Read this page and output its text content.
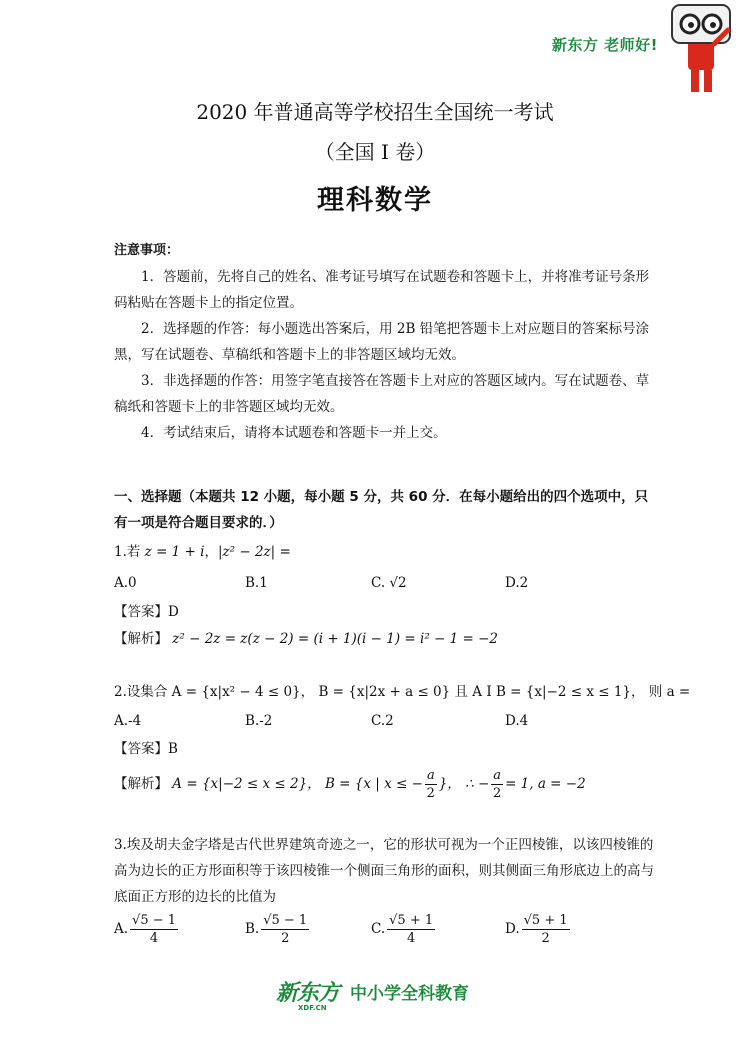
新东方 老师好!
2020 年普通高等学校招生全国统一考试
（全国 I 卷）
理科数学
注意事项：

1．答题前，先将自己的姓名、准考证号填写在试题卷和答题卡上，并将准考证号条形码粘贴在答题卡上的指定位置。

2．选择题的作答：每小题选出答案后，用 2B 铅笔把答题卡上对应题目的答案标号涂黑，写在试题卷、草稿纸和答题卡上的非答题区域均无效。

3．非选择题的作答：用签字笔直接答在答题卡上对应的答题区域内。写在试题卷、草稿纸和答题卡上的非答题区域均无效。

4．考试结束后，请将本试题卷和答题卡一并上交。

一、选择题（本题共 12 小题，每小题 5 分，共 60 分．在每小题给出的四个选项中，只有一项是符合题目要求的．）
1.若 z = 1 + i，|z² − 2z| =
A.0	B.1	C. √2	D.2
【答案】D
【解析】 z² − 2z = z(z − 2) = (i + 1)(i − 1) = i² − 1 = −2
2.设集合 A = {x|x² − 4 ≤ 0}， B = {x|2x + a ≤ 0} 且 A I B = {x|−2 ≤ x ≤ 1}， 则 a =
A.-4	B.-2	C.2	D.4
【答案】B
【解析】 A = {x|−2 ≤ x ≤ 2}， B = {x | x ≤ − $\frac{a}{2}$ }， ∴ − $\frac{a}{2} = 1$, a = −2
3.埃及胡夫金字塔是古代世界建筑奇迹之一，它的形状可视为一个正四棱锥，以该四棱锥的高为边长的正方形面积等于该四棱锥一个侧面三角形的面积，则其侧面三角形底边上的高与底面正方形的边长的比值为
A. $\frac{√5 - 1}{4}$	B. $\frac{√5 - 1}{2}$	C. $\frac{√5 + 1}{4}$	D. $\frac{√5 + 1}{2}$
新东方
XDF.CN
中小学全科教育
